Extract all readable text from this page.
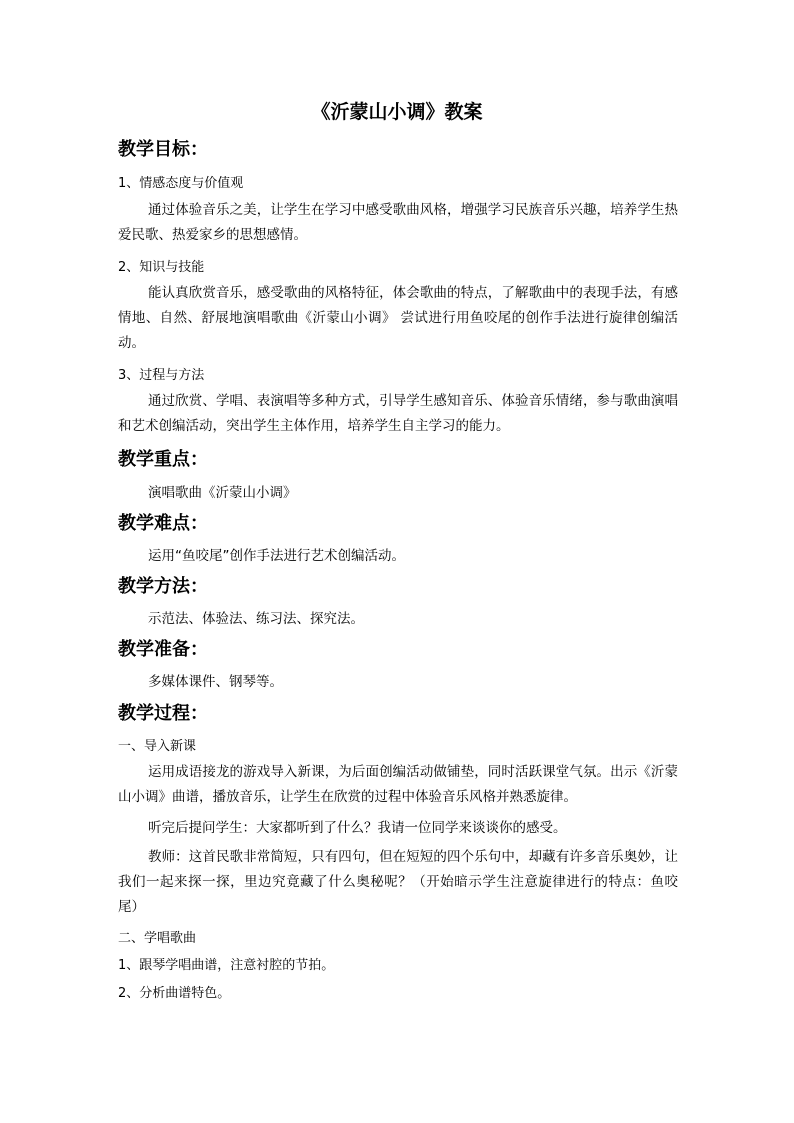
《沂蒙山小调》教案
教学目标：
1、情感态度与价值观
通过体验音乐之美，让学生在学习中感受歌曲风格，增强学习民族音乐兴趣，培养学生热爱民歌、热爱家乡的思想感情。
2、知识与技能
能认真欣赏音乐，感受歌曲的风格特征，体会歌曲的特点，了解歌曲中的表现手法，有感情地、自然、舒展地演唱歌曲《沂蒙山小调》 尝试进行用鱼咬尾的创作手法进行旋律创编活动。
3、过程与方法
通过欣赏、学唱、表演唱等多种方式，引导学生感知音乐、体验音乐情绪，参与歌曲演唱和艺术创编活动，突出学生主体作用，培养学生自主学习的能力。
教学重点：
演唱歌曲《沂蒙山小调》
教学难点：
运用“鱼咬尾”创作手法进行艺术创编活动。
教学方法：
示范法、体验法、练习法、探究法。
教学准备：
多媒体课件、钢琴等。
教学过程：
一、导入新课
运用成语接龙的游戏导入新课，为后面创编活动做铺垫，同时活跃课堂气氛。出示《沂蒙山小调》曲谱，播放音乐，让学生在欣赏的过程中体验音乐风格并熟悉旋律。
听完后提问学生：大家都听到了什么？我请一位同学来谈谈你的感受。
教师：这首民歌非常简短，只有四句，但在短短的四个乐句中，却藏有许多音乐奥妙，让我们一起来探一探，里边究竟藏了什么奥秘呢？（开始暗示学生注意旋律进行的特点：鱼咬尾）
二、学唱歌曲
1、跟琴学唱曲谱，注意衬腔的节拍。
2、分析曲谱特色。
